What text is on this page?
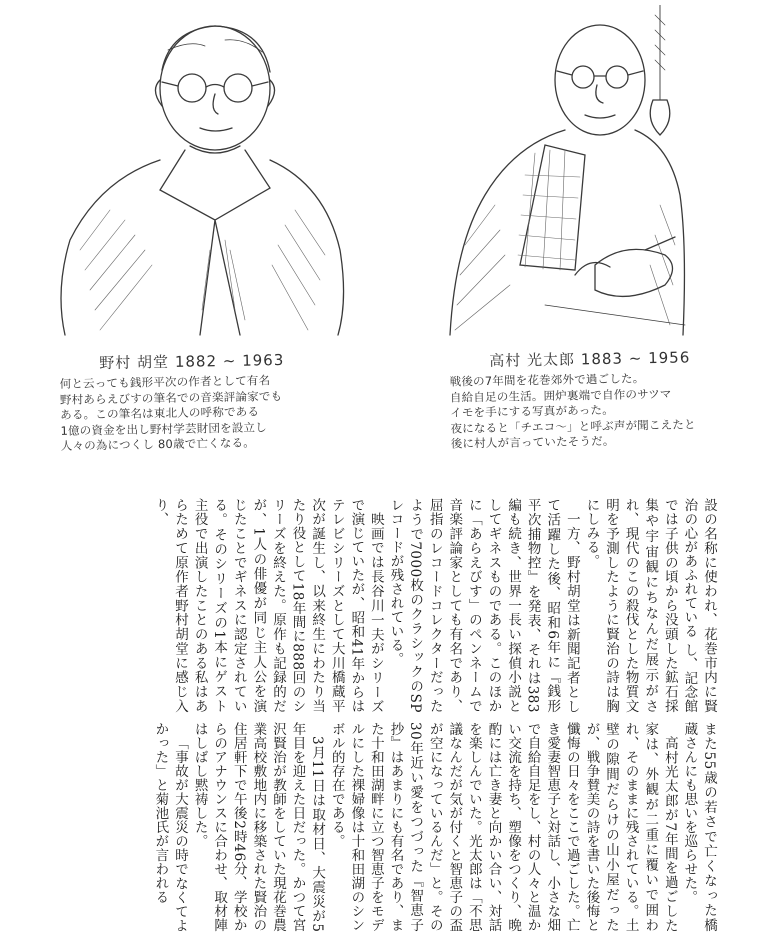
野村 胡堂 1882 ~ 1963
何と云っても銭形平次の作者として有名
野村あらえびすの筆名での音楽評論家でも
ある。この筆名は東北人の呼称である
1億の資金を出し野村学芸財団を設立し
人々の為につくし 80歳で亡くなる。
高村 光太郎 1883 ~ 1956
戦後の7年間を花巻郊外で過ごした。
自給自足の生活。囲炉裏端で自作のサツマ
イモを手にする写真があった。
夜になると「チエコ〜」と呼ぶ声が聞こえたと
後に村人が言っていたそうだ。

設の名称に使われ、花巻市内に賢治の心があふれている し、記念館では子供の頃から没頭した鉱石採集や宇宙観にちなんだ展示がされ、現代のこの殺伐とした物質文明を予測したように賢治の詩は胸にしみる。

一方、野村胡堂は新聞記者として活躍した後、昭和6年に『銭形平次捕物控』を発表、それは383編も続き、世界一長い探偵小説としてギネスものである。このほかに「あらえびす」のペンネームで音楽評論家としても有名であり、屈指のレコードコレクターだったようで7000枚のクラシックのSPレコードが残されている。

映画では長谷川一夫がシリーズで演じていたが、昭和41年からはテレビシリーズとして大川橋蔵平次が誕生し、以来終生にわたり当たり役として18年間に888回のシリーズを終えた。原作も記録的だが、1人の俳優が同じ主人公を演じたことでギネスに認定されている。そのシリーズの1本にゲスト主役で出演したことのある私はあらためて原作者野村胡堂に感じ入り、

また55歳の若さで亡くなった橋蔵さんにも思いを巡らせた。

高村光太郎が7年間を過ごした家は、外観が二重に覆いで囲われ、そのままに残されている。土壁の隙間だらけの山小屋だったが、戦争賛美の詩を書いた後悔と懺悔の日々をここで過ごした。亡き愛妻智恵子と対話し、小さな畑で自給自足をし、村の人々と温かい交流を持ち、塑像をつくり、晩酌には亡き妻と向かい合い、対話を楽しんでいた。光太郎は「不思議なんだが気が付くと智恵子の盃が空になっているんだ」と。その30年近い愛をつづった『智恵子抄』はあまりにも有名であり、また十和田湖畔に立つ智恵子をモデルにした裸婦像は十和田湖のシンボル的存在である。

3月11日は取材日、大震災が5年目を迎えた日だった。かつて宮沢賢治が教師をしていた現花巻農業高校敷地内に移築された賢治の住居軒下で午後2時46分、学校からのアナウンスに合わせ、取材陣はしばし黙祷した。

「事故が大震災の時でなくてよかった」と菊池氏が言われる
